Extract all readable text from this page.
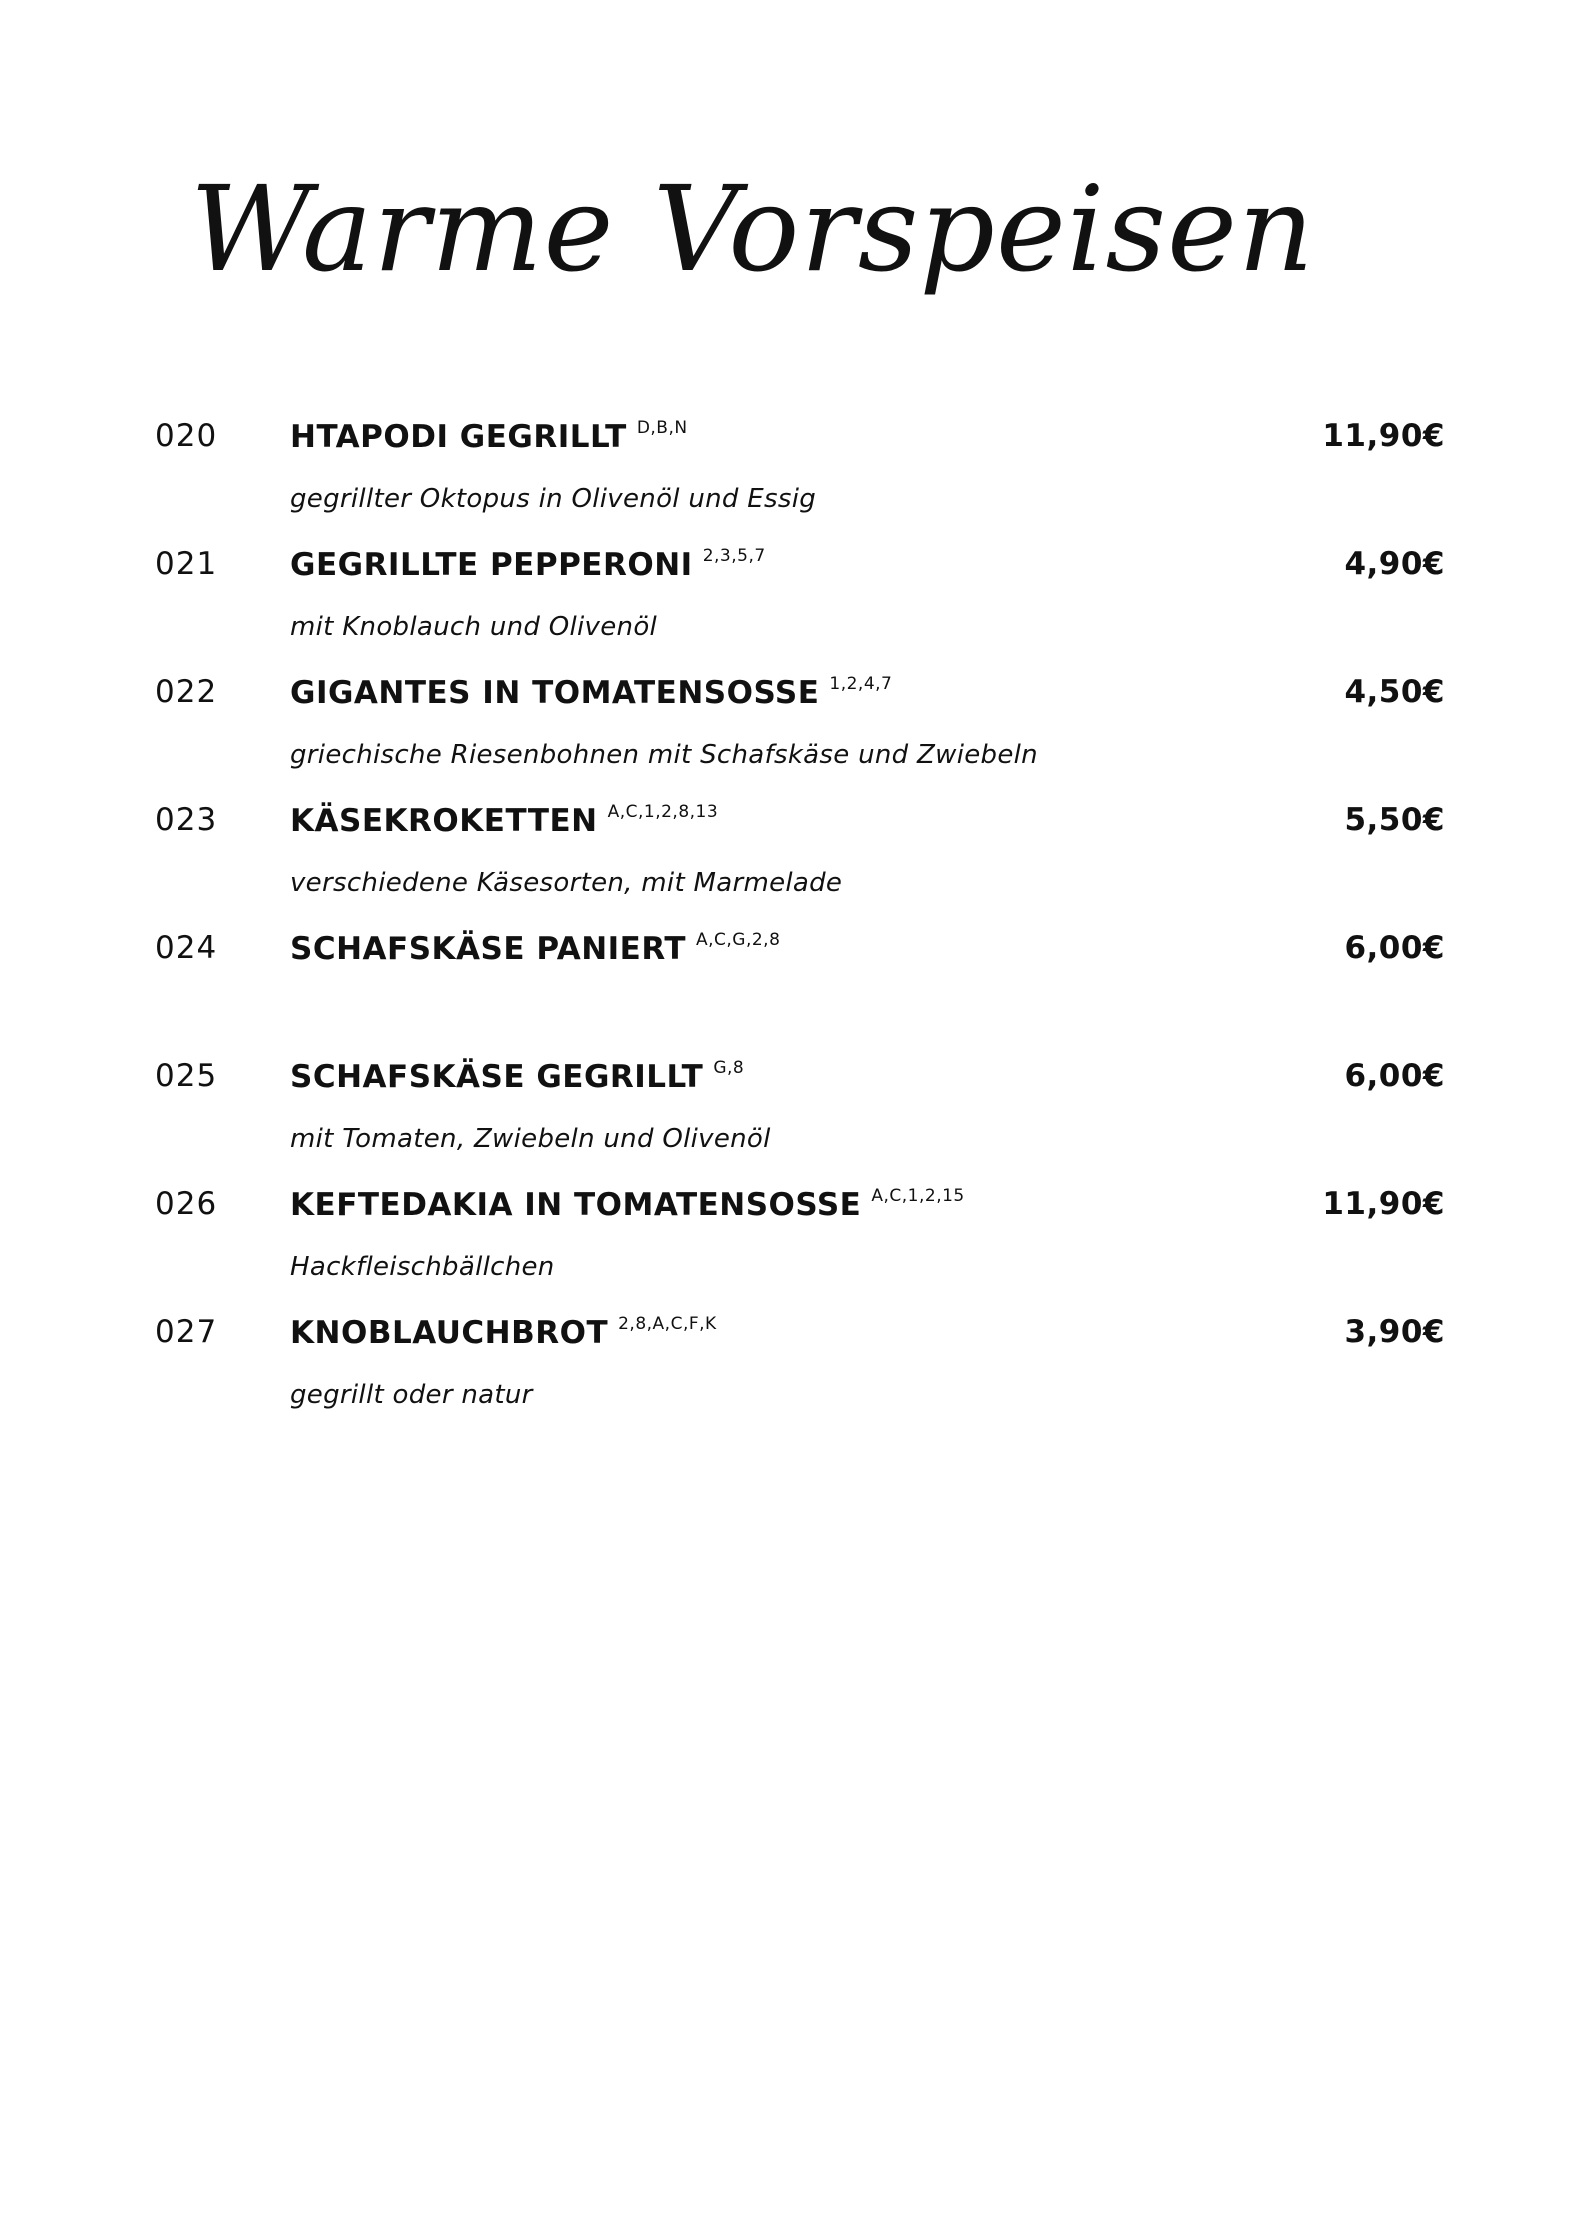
Warme Vorspeisen
020 HTAPODI GEGRILLT $^{D,B,N}$	11,90€
gegrillter Oktopus in Olivenöl und Essig
021 GEGRILLTE PEPPERONI $^{2,3,5,7}$	4,90€
mit Knoblauch und Olivenöl
022 GIGANTES IN TOMATENSOSSE $^{1,2,4,7}$	4,50€
griechische Riesenbohnen mit Schafskäse und Zwiebeln
023 KÄSEKROKETTEN $^{A,C,1,2,8,13}$	5,50€
verschiedene Käsesorten, mit Marmelade
024 SCHAFSKÄSE PANIERT $^{A,C,G,2,8}$	6,00€
025 SCHAFSKÄSE GEGRILLT $^{G,8}$	6,00€
mit Tomaten, Zwiebeln und Olivenöl
026 KEFTEDAKIA IN TOMATENSOSSE $^{A,C,1,2,15}$	11,90€
Hackfleischbällchen
027 KNOBLAUCHBROT $^{2,8,A,C,F,K}$	3,90€
gegrillt oder natur
